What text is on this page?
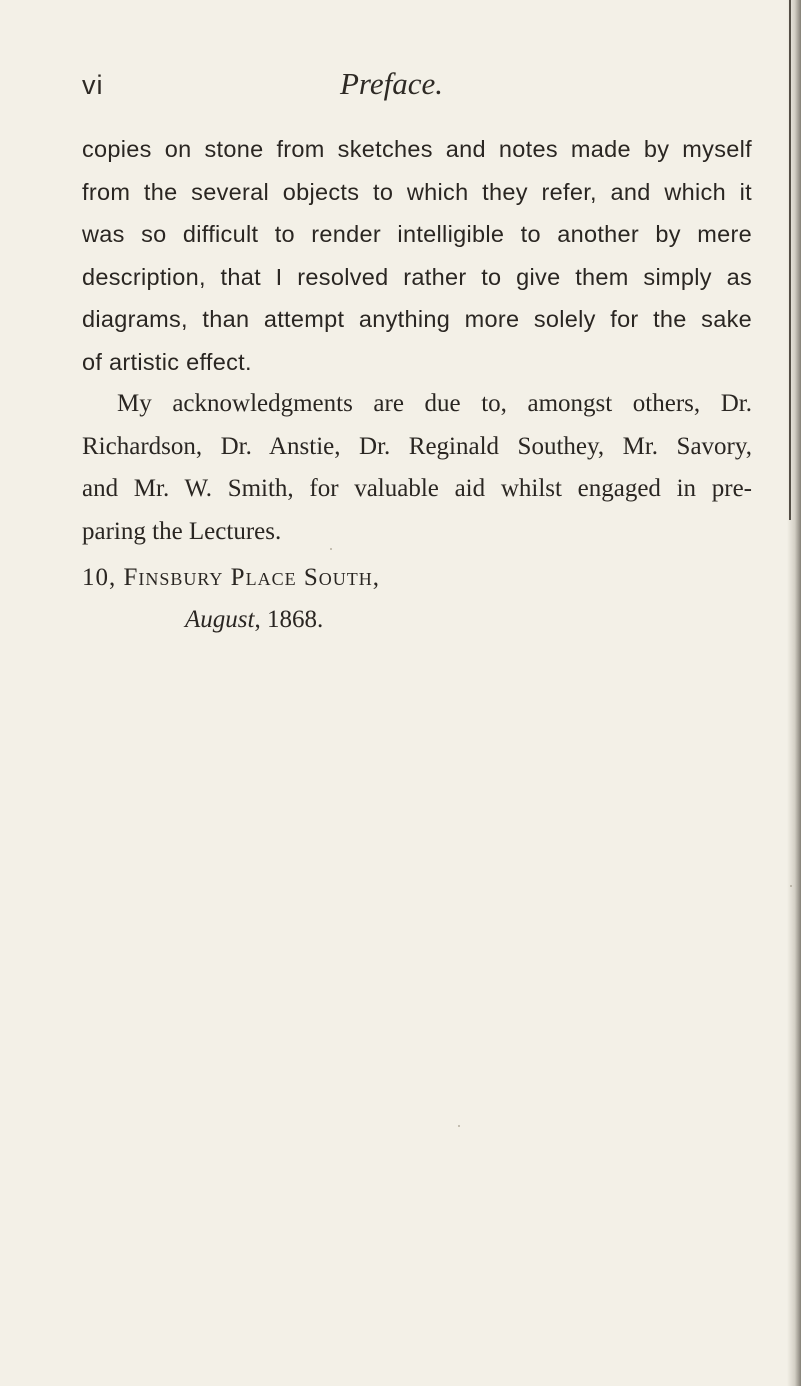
vi	Preface.
copies on stone from sketches and notes made by myself
from the several objects to which they refer, and which it
was so difficult to render intelligible to another by mere
description, that I resolved rather to give them simply as
diagrams, than attempt anything more solely for the sake
of artistic effect.
My acknowledgments are due to, amongst others, Dr.
Richardson, Dr. Anstie, Dr. Reginald Southey, Mr. Savory,
and Mr. W. Smith, for valuable aid whilst engaged in pre-
paring the Lectures.
10, Finsbury Place South,
August, 1868.
